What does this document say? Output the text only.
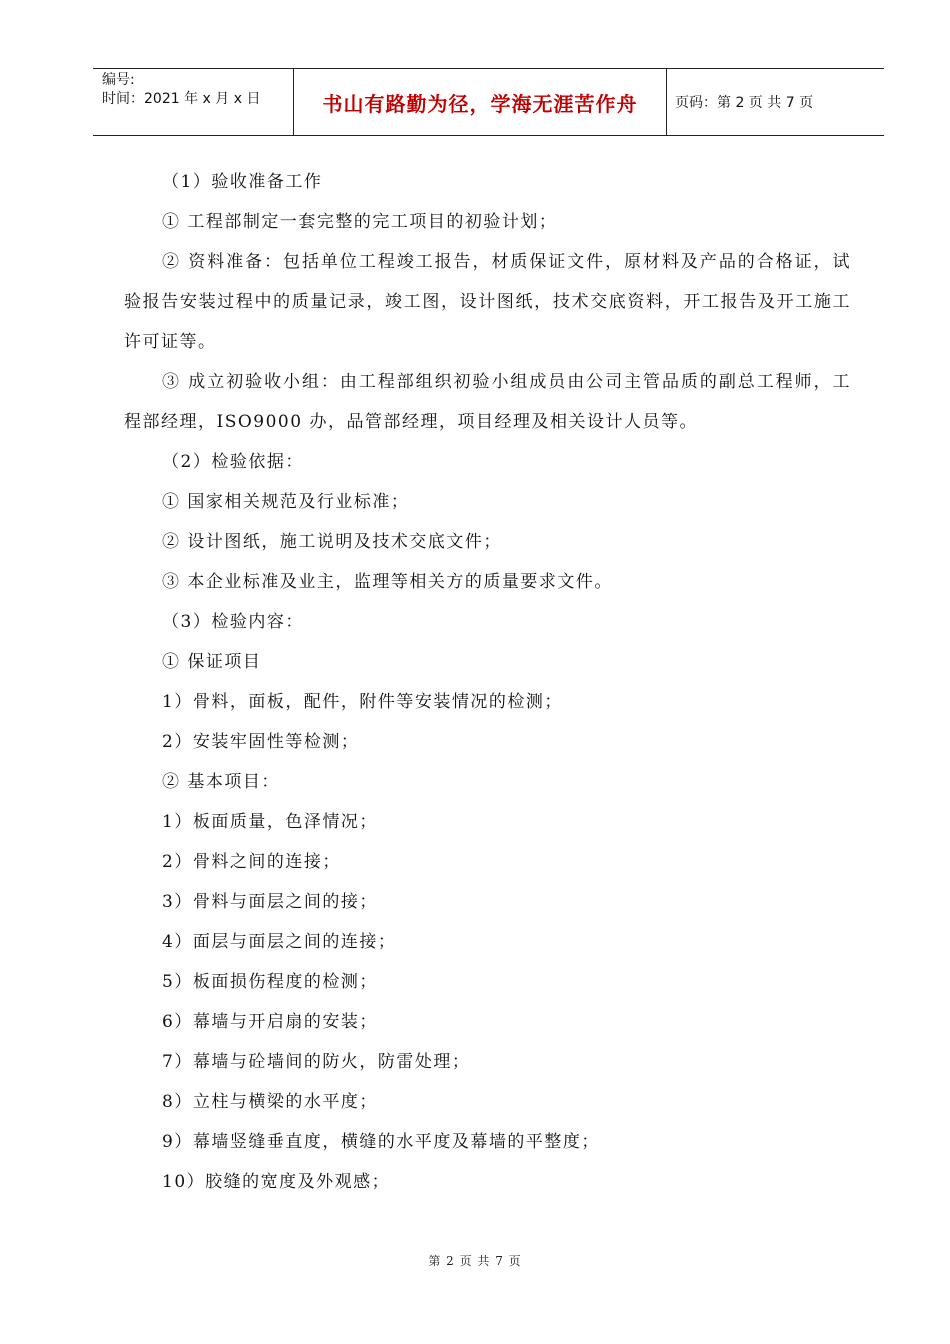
编号:
时间：2021 年 x 月 x 日	书山有路勤为径，学海无涯苦作舟	页码：第 2 页 共 7 页

（1）验收准备工作

① 工程部制定一套完整的完工项目的初验计划；

② 资料准备：包括单位工程竣工报告，材质保证文件，原材料及产品的合格证，试验报告安装过程中的质量记录，竣工图，设计图纸，技术交底资料，开工报告及开工施工许可证等。

③ 成立初验收小组：由工程部组织初验小组成员由公司主管品质的副总工程师，工程部经理，ISO9000 办，品管部经理，项目经理及相关设计人员等。

（2）检验依据：

① 国家相关规范及行业标准；

② 设计图纸，施工说明及技术交底文件；

③ 本企业标准及业主，监理等相关方的质量要求文件。

（3）检验内容：

① 保证项目

1）骨料，面板，配件，附件等安装情况的检测；

2）安装牢固性等检测；

② 基本项目：

1）板面质量，色泽情况；

2）骨料之间的连接；

3）骨料与面层之间的接；

4）面层与面层之间的连接；

5）板面损伤程度的检测；

6）幕墙与开启扇的安装；

7）幕墙与砼墙间的防火，防雷处理；

8）立柱与横梁的水平度；

9）幕墙竖缝垂直度，横缝的水平度及幕墙的平整度；

10）胶缝的宽度及外观感；

第 2 页 共 7 页
